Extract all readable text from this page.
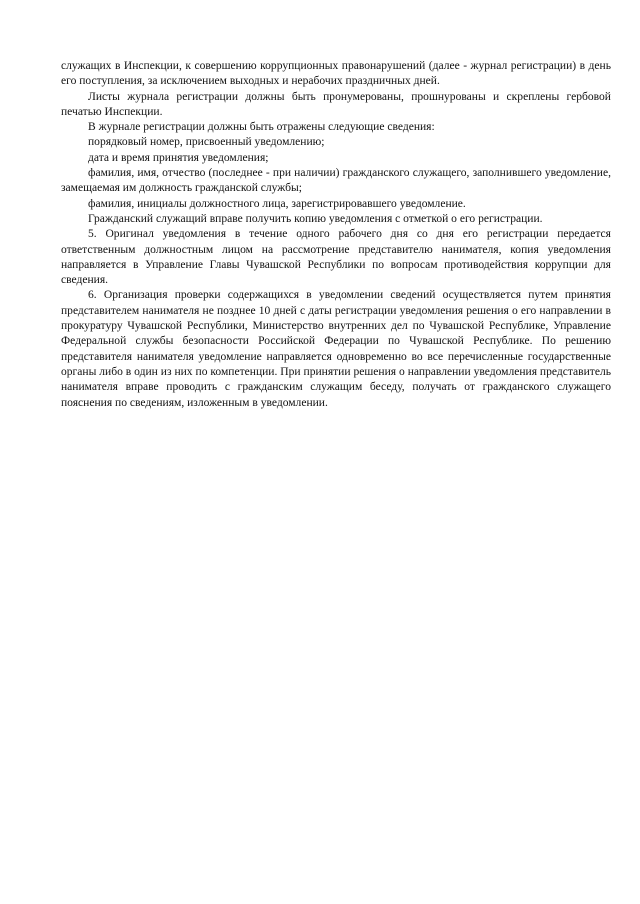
служащих в Инспекции, к совершению коррупционных правонарушений (далее - журнал регистрации) в день его поступления, за исключением выходных и нерабочих праздничных дней.

Листы журнала регистрации должны быть пронумерованы, прошнурованы и скреплены гербовой печатью Инспекции.

В журнале регистрации должны быть отражены следующие сведения:

порядковый номер, присвоенный уведомлению;

дата и время принятия уведомления;

фамилия, имя, отчество (последнее - при наличии) гражданского служащего, заполнившего уведомление, замещаемая им должность гражданской службы;

фамилия, инициалы должностного лица, зарегистрировавшего уведомление.

Гражданский служащий вправе получить копию уведомления с отметкой о его регистрации.

5. Оригинал уведомления в течение одного рабочего дня со дня его регистрации передается ответственным должностным лицом на рассмотрение представителю нанимателя, копия уведомления направляется в Управление Главы Чувашской Республики по вопросам противодействия коррупции для сведения.

6. Организация проверки содержащихся в уведомлении сведений осуществляется путем принятия представителем нанимателя не позднее 10 дней с даты регистрации уведомления решения о его направлении в прокуратуру Чувашской Республики, Министерство внутренних дел по Чувашской Республике, Управление Федеральной службы безопасности Российской Федерации по Чувашской Республике. По решению представителя нанимателя уведомление направляется одновременно во все перечисленные государственные органы либо в один из них по компетенции. При принятии решения о направлении уведомления представитель нанимателя вправе проводить с гражданским служащим беседу, получать от гражданского служащего пояснения по сведениям, изложенным в уведомлении.
